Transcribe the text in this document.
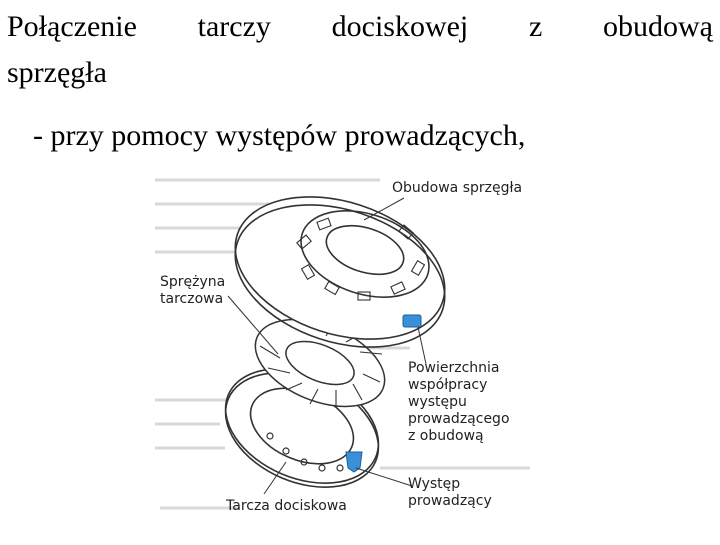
Połączenie tarczy dociskowej z obudową
sprzęgła
- przy pomocy występów prowadzących,
Obudowa sprzęgła
Sprężyna
tarczowa
Powierzchnia
współpracy
występu
prowadzącego
z obudową
Występ
prowadzący
Tarcza dociskowa
